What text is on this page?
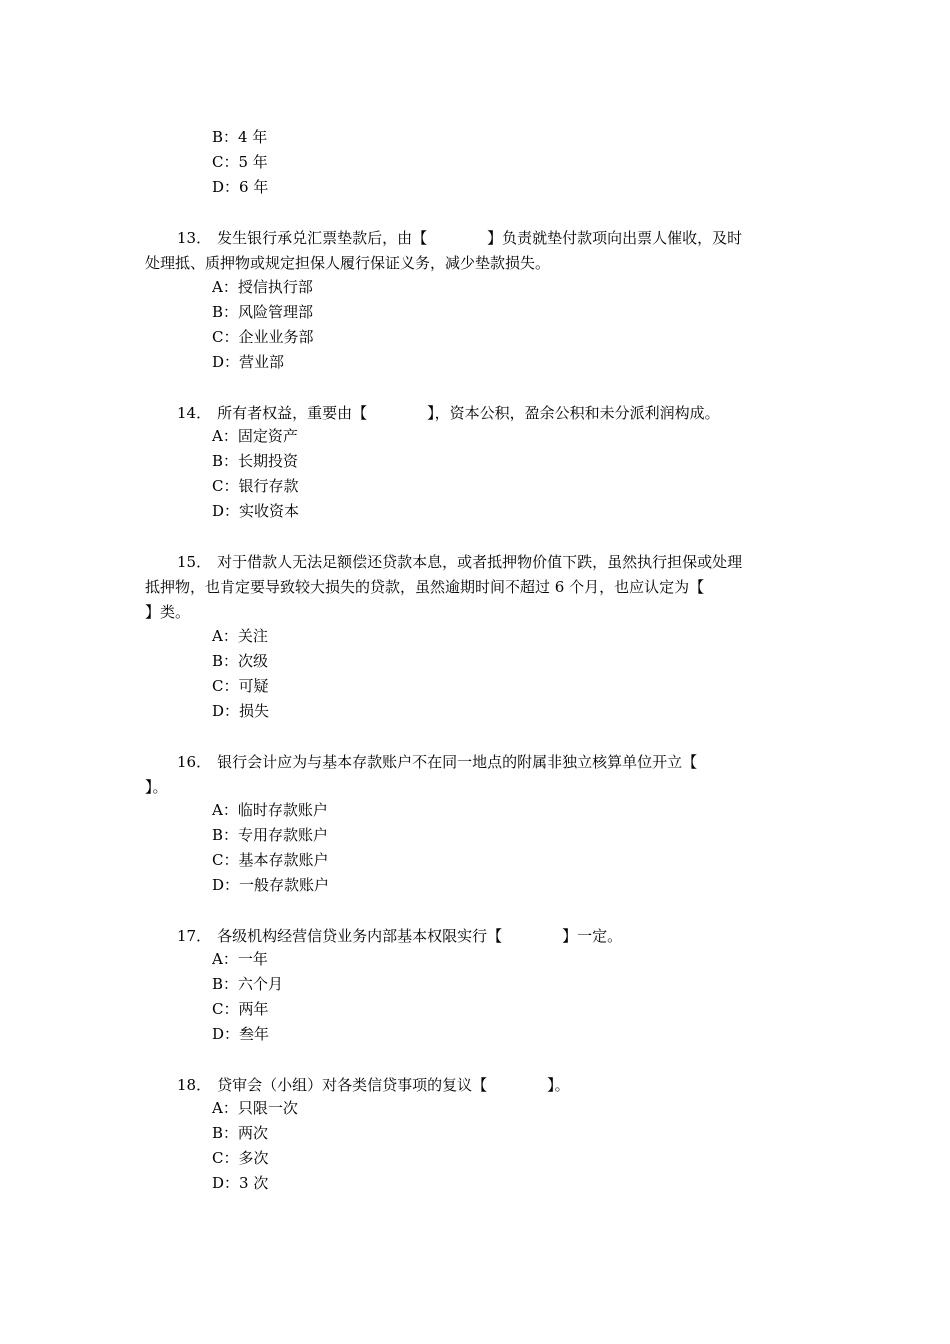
B：4 年
C：5 年
D：6 年
13． 发生银行承兑汇票垫款后，由【　　　　】负责就垫付款项向出票人催收，及时
处理抵、质押物或规定担保人履行保证义务，减少垫款损失。
A：授信执行部
B：风险管理部
C：企业业务部
D：营业部
14． 所有者权益，重要由【　　　　】，资本公积，盈余公积和未分派利润构成。
A：固定资产
B：长期投资
C：银行存款
D：实收资本
15． 对于借款人无法足额偿还贷款本息，或者抵押物价值下跌，虽然执行担保或处理
抵押物，也肯定要导致较大损失的贷款，虽然逾期时间不超过 6 个月，也应认定为【
】类。
A：关注
B：次级
C：可疑
D：损失
16． 银行会计应为与基本存款账户不在同一地点的附属非独立核算单位开立【
】。
A：临时存款账户
B：专用存款账户
C：基本存款账户
D：一般存款账户
17． 各级机构经营信贷业务内部基本权限实行【　　　　】一定。
A：一年
B：六个月
C：两年
D：叁年
18． 贷审会（小组）对各类信贷事项的复议【　　　　】。
A：只限一次
B：两次
C：多次
D：3 次
